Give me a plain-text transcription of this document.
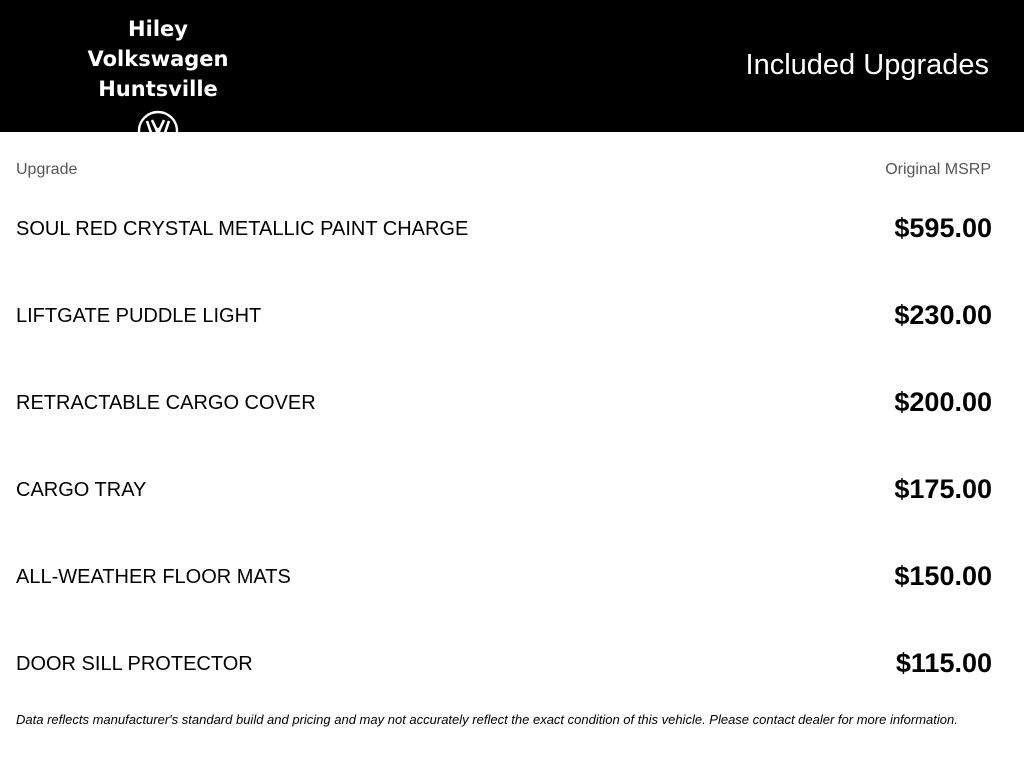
Hiley Volkswagen
Huntsville
Included Upgrades
Upgrade	Original MSRP
SOUL RED CRYSTAL METALLIC PAINT CHARGE	$595.00
LIFTGATE PUDDLE LIGHT	$230.00
RETRACTABLE CARGO COVER	$200.00
CARGO TRAY	$175.00
ALL-WEATHER FLOOR MATS	$150.00
DOOR SILL PROTECTOR	$115.00
Data reflects manufacturer's standard build and pricing and may not accurately reflect the exact condition of this vehicle. Please contact dealer for more information.
